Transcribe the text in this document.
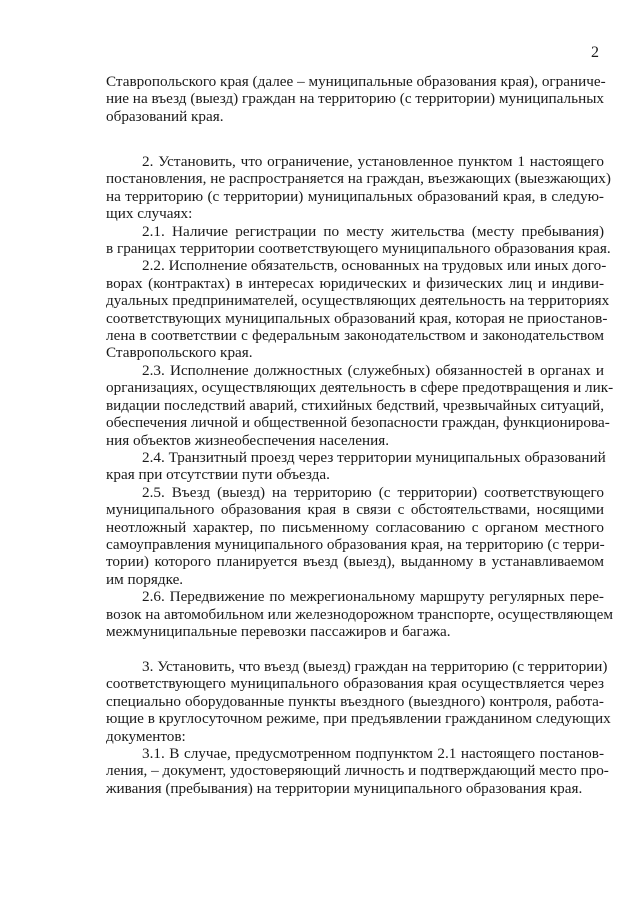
2
Ставропольского края (далее – муниципальные образования края), ограниче-
ние на въезд (выезд) граждан на территорию (с территории) муниципальных
образований края.
2. Установить, что ограничение, установленное пунктом 1 настоящего
постановления, не распространяется на граждан, въезжающих (выезжающих)
на территорию (с территории) муниципальных образований края, в следую-
щих случаях:
2.1. Наличие регистрации по месту жительства (месту пребывания)
в границах территории соответствующего муниципального образования края.
2.2. Исполнение обязательств, основанных на трудовых или иных дого-
ворах (контрактах) в интересах юридических и физических лиц и индиви-
дуальных предпринимателей, осуществляющих деятельность на территориях
соответствующих муниципальных образований края, которая не приостанов-
лена в соответствии с федеральным законодательством и законодательством
Ставропольского края.
2.3. Исполнение должностных (служебных) обязанностей в органах и
организациях, осуществляющих деятельность в сфере предотвращения и лик-
видации последствий аварий, стихийных бедствий, чрезвычайных ситуаций,
обеспечения личной и общественной безопасности граждан, функционирова-
ния объектов жизнеобеспечения населения.
2.4. Транзитный проезд через территории муниципальных образований
края при отсутствии пути объезда.
2.5. Въезд (выезд) на территорию (с территории) соответствующего
муниципального образования края в связи с обстоятельствами, носящими
неотложный характер, по письменному согласованию с органом местного
самоуправления муниципального образования края, на территорию (с терри-
тории) которого планируется въезд (выезд), выданному в устанавливаемом
им порядке.
2.6. Передвижение по межрегиональному маршруту регулярных пере-
возок на автомобильном или железнодорожном транспорте, осуществляющем
межмуниципальные перевозки пассажиров и багажа.
3. Установить, что въезд (выезд) граждан на территорию (с территории)
соответствующего муниципального образования края осуществляется через
специально оборудованные пункты въездного (выездного) контроля, работа-
ющие в круглосуточном режиме, при предъявлении гражданином следующих
документов:
3.1. В случае, предусмотренном подпунктом 2.1 настоящего постанов-
ления, – документ, удостоверяющий личность и подтверждающий место про-
живания (пребывания) на территории муниципального образования края.
